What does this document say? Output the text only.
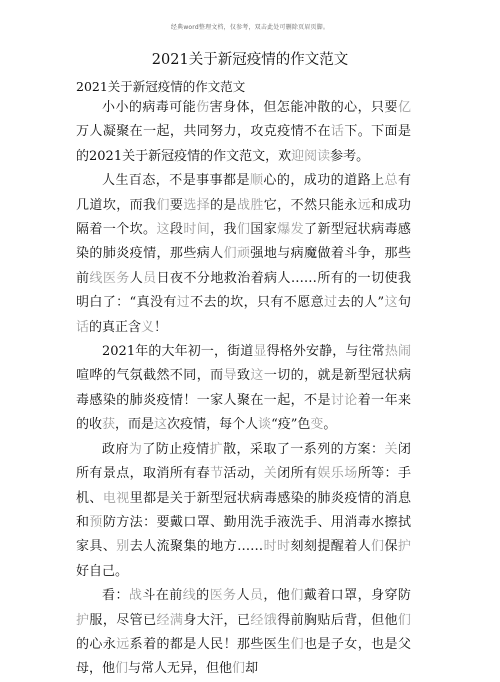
经典word整理文档，仅参考，双击此处可删除页眉页脚。
2021关于新冠疫情的作文范文
2021关于新冠疫情的作文范文

小小的病毒可能伤害身体，但怎能冲散的心，只要亿万人凝聚在一起，共同努力，攻克疫情不在话下。下面是的2021关于新冠疫情的作文范文，欢迎阅读参考。

人生百态，不是事事都是顺心的，成功的道路上总有几道坎，而我们要选择的是战胜它，不然只能永远和成功隔着一个坎。这段时间，我们国家爆发了新型冠状病毒感染的肺炎疫情，那些病人们顽强地与病魔做着斗争，那些前线医务人员日夜不分地救治着病人……所有的一切使我明白了：“真没有过不去的坎，只有不愿意过去的人”这句话的真正含义！

2021年的大年初一，街道显得格外安静，与往常热闹喧哗的气氛截然不同，而导致这一切的，就是新型冠状病毒感染的肺炎疫情！一家人聚在一起，不是讨论着一年来的收获，而是这次疫情，每个人谈“疫”色变。

政府为了防止疫情扩散，采取了一系列的方案：关闭所有景点，取消所有春节活动，关闭所有娱乐场所等：手机、电视里都是关于新型冠状病毒感染的肺炎疫情的消息和预防方法：要戴口罩、勤用洗手液洗手、用消毒水擦拭家具、别去人流聚集的地方……时时刻刻提醒着人们保护好自己。

看：战斗在前线的医务人员，他们戴着口罩，身穿防护服，尽管已经满身大汗，已经饿得前胸贴后背，但他们的心永远系着的都是人民！那些医生们也是子女，也是父母，他们与常人无异，但他们却
